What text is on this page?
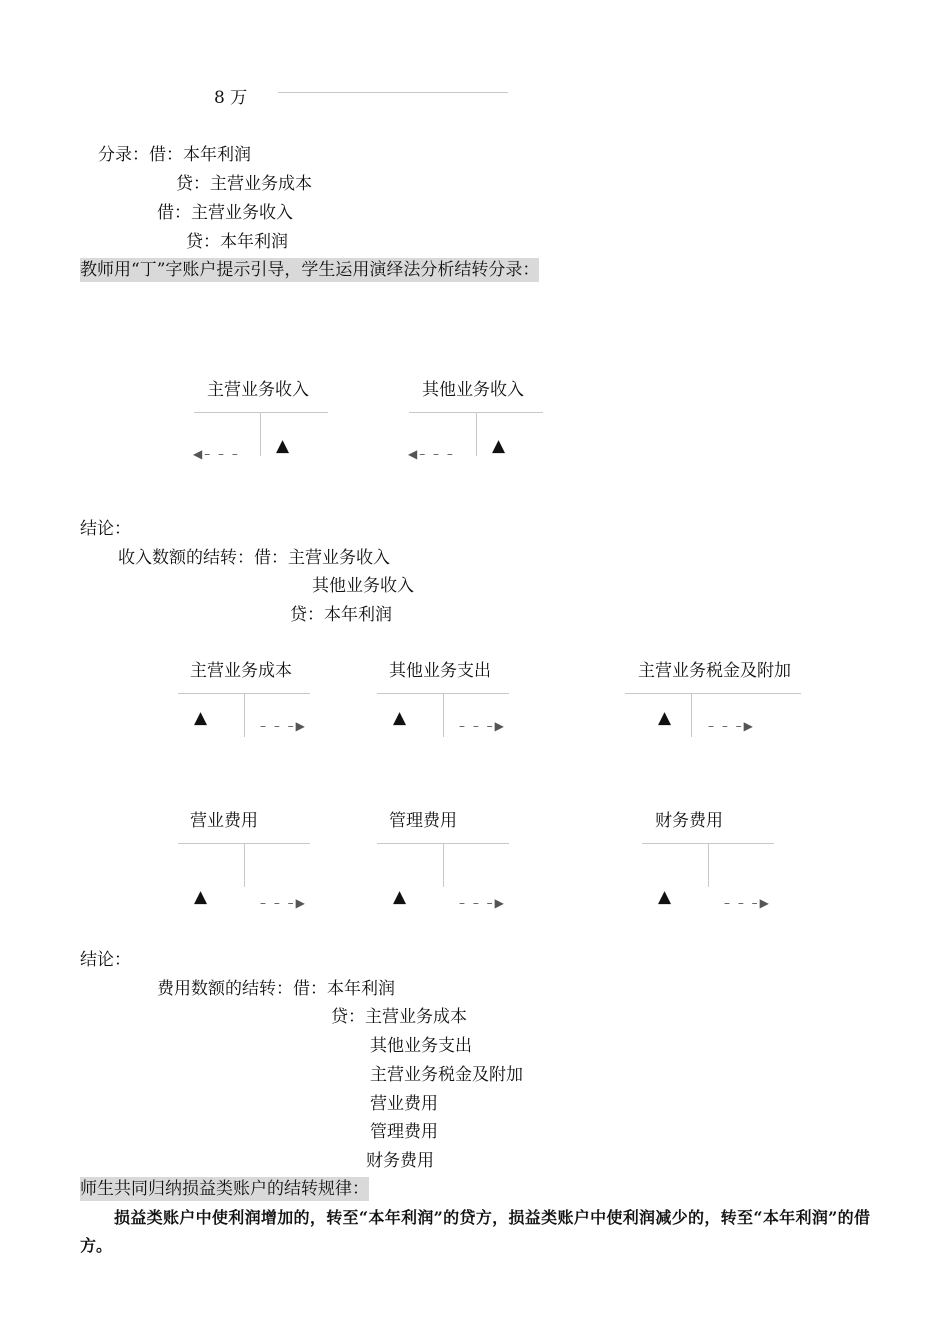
8 万
分录：借：本年利润
贷：主营业务成本
借：主营业务收入
贷：本年利润
教师用“丁”字账户提示引导，学生运用演绎法分析结转分录：
主营业务收入
◀– – – ▲
其他业务收入
◀– – – ▲
结论：
收入数额的结转：借：主营业务收入
其他业务收入
贷：本年利润
主营业务成本
▲	– – –▶
其他业务支出
▲	– – –▶
主营业务税金及附加
▲	– – –▶
营业费用
▲	– – –▶
管理费用
▲	– – –▶
财务费用
▲	– – –▶
结论：
费用数额的结转：借：本年利润
贷：主营业务成本
其他业务支出
主营业务税金及附加
营业费用
管理费用
财务费用
师生共同归纳损益类账户的结转规律：
损益类账户中使利润增加的，转至“本年利润”的贷方，损益类账户中使利润减少的，转至“本年利润”的借方。
